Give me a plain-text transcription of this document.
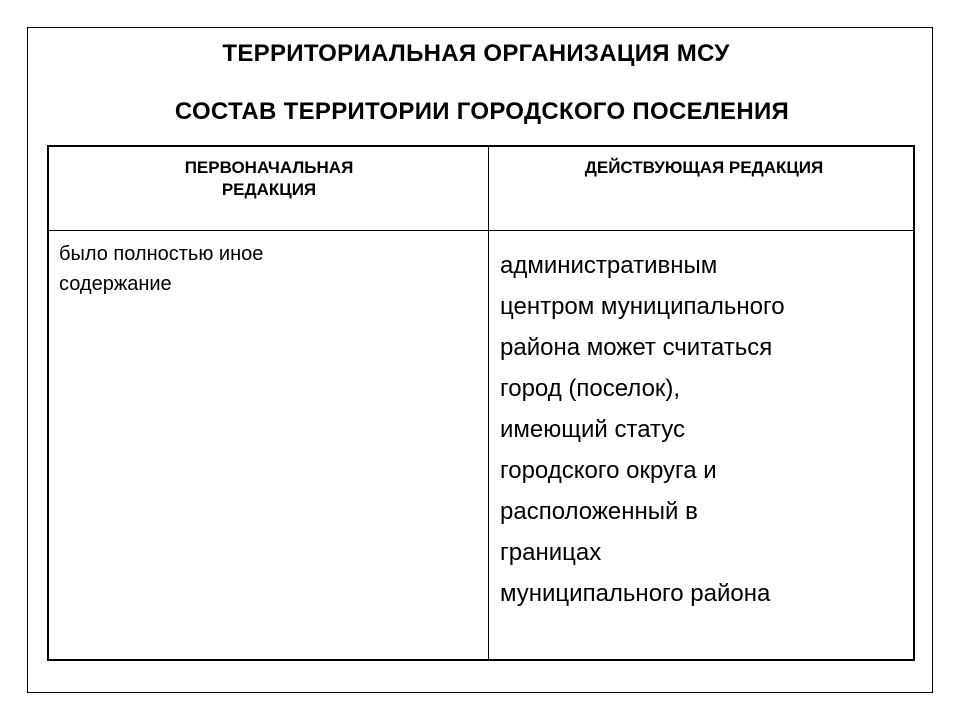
ТЕРРИТОРИАЛЬНАЯ ОРГАНИЗАЦИЯ МСУ
СОСТАВ ТЕРРИТОРИИ ГОРОДСКОГО ПОСЕЛЕНИЯ
ПЕРВОНАЧАЛЬНАЯ
РЕДАКЦИЯ
ДЕЙСТВУЮЩАЯ РЕДАКЦИЯ
было полностью иное
содержание
административным
центром муниципального
района может считаться
город (поселок),
имеющий статус
городского округа и
расположенный в
границах
муниципального района
